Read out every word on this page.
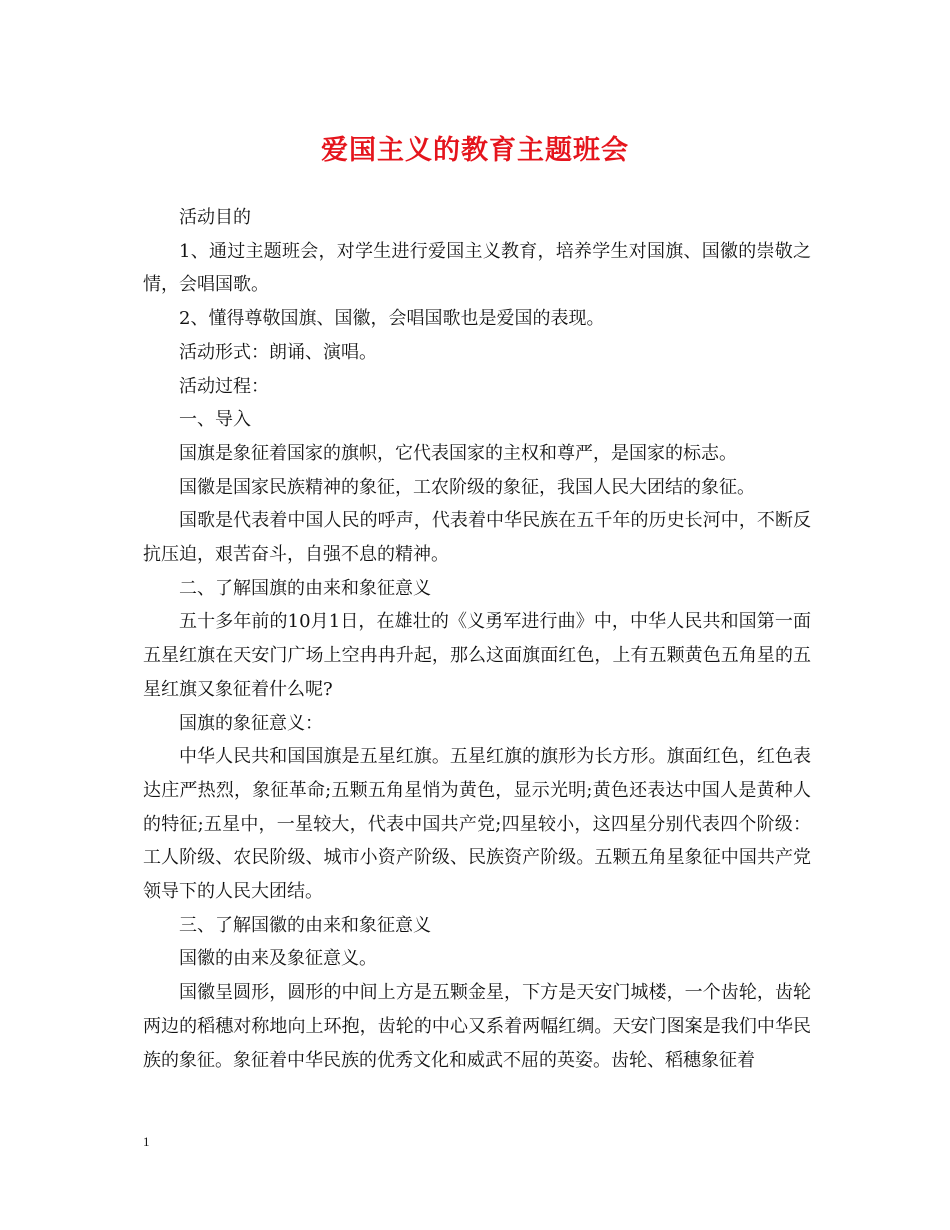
爱国主义的教育主题班会

活动目的

1、通过主题班会，对学生进行爱国主义教育，培养学生对国旗、国徽的崇敬之情，会唱国歌。

2、懂得尊敬国旗、国徽，会唱国歌也是爱国的表现。

活动形式：朗诵、演唱。

活动过程：

一、导入

国旗是象征着国家的旗帜，它代表国家的主权和尊严，是国家的标志。

国徽是国家民族精神的象征，工农阶级的象征，我国人民大团结的象征。

国歌是代表着中国人民的呼声，代表着中华民族在五千年的历史长河中，不断反抗压迫，艰苦奋斗，自强不息的精神。

二、了解国旗的由来和象征意义

五十多年前的10月1日，在雄壮的《义勇军进行曲》中，中华人民共和国第一面五星红旗在天安门广场上空冉冉升起，那么这面旗面红色，上有五颗黄色五角星的五星红旗又象征着什么呢?

国旗的象征意义：

中华人民共和国国旗是五星红旗。五星红旗的旗形为长方形。旗面红色，红色表达庄严热烈，象征革命;五颗五角星悄为黄色，显示光明;黄色还表达中国人是黄种人的特征;五星中，一星较大，代表中国共产党;四星较小，这四星分别代表四个阶级：工人阶级、农民阶级、城市小资产阶级、民族资产阶级。五颗五角星象征中国共产党领导下的人民大团结。

三、了解国徽的由来和象征意义

国徽的由来及象征意义。

国徽呈圆形，圆形的中间上方是五颗金星，下方是天安门城楼，一个齿轮，齿轮两边的稻穗对称地向上环抱，齿轮的中心又系着两幅红绸。天安门图案是我们中华民族的象征。象征着中华民族的优秀文化和威武不屈的英姿。齿轮、稻穗象征着

1
